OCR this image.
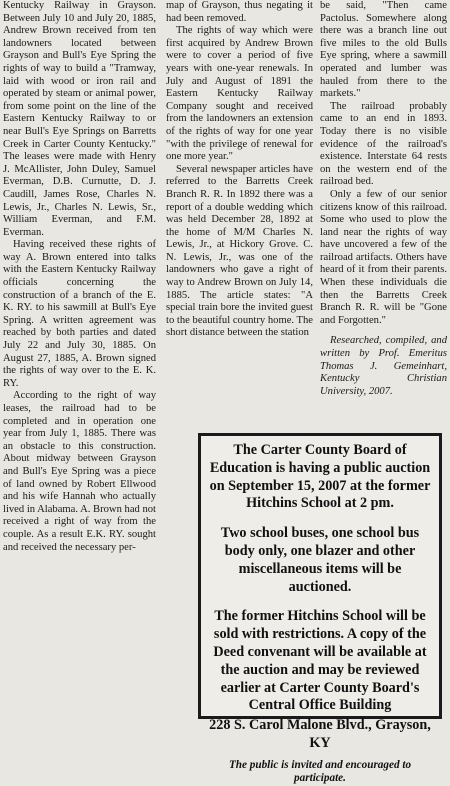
Kentucky Railway in Grayson. Between July 10 and July 20, 1885, Andrew Brown received from ten landowners located between Grayson and Bull's Eye Spring the rights of way to build a "Tramway, laid with wood or iron rail and operated by steam or animal power, from some point on the line of the Eastern Kentucky Railway to or near Bull's Eye Springs on Barretts Creek in Carter County Kentucky." The leases were made with Henry J. McAllister, John Duley, Samuel Everman, D.B. Curnutte, D. J. Caudill, James Rose, Charles N. Lewis, Jr., Charles N. Lewis, Sr., William Everman, and F.M. Everman.

Having received these rights of way A. Brown entered into talks with the Eastern Kentucky Railway officials concerning the construction of a branch of the E. K. RY. to his sawmill at Bull's Eye Spring. A written agreement was reached by both parties and dated July 22 and July 30, 1885. On August 27, 1885, A. Brown signed the rights of way over to the E. K. RY.

According to the right of way leases, the railroad had to be completed and in operation one year from July 1, 1885. There was an obstacle to this construction. About midway between Grayson and Bull's Eye Spring was a piece of land owned by Robert Ellwood and his wife Hannah who actually lived in Alabama. A. Brown had not received a right of way from the couple. As a result E.K. RY. sought and received the necessary per-

map of Grayson, thus negating it had been removed.

The rights of way which were first acquired by Andrew Brown were to cover a period of five years with one-year renewals. In July and August of 1891 the Eastern Kentucky Railway Company sought and received from the landowners an extension of the rights of way for one year "with the privilege of renewal for one more year."

Several newspaper articles have referred to the Barretts Creek Branch R. R. In 1892 there was a report of a double wedding which was held December 28, 1892 at the home of M/M Charles N. Lewis, Jr., at Hickory Grove. C. N. Lewis, Jr., was one of the landowners who gave a right of way to Andrew Brown on July 14, 1885. The article states: "A special train bore the invited guest to the beautiful country home. The short distance between the station

be said, "Then came Pactolus. Somewhere along there was a branch line out five miles to the old Bulls Eye spring, where a sawmill operated and lumber was hauled from there to the markets."

The railroad probably came to an end in 1893. Today there is no visible evidence of the railroad's existence. Interstate 64 rests on the western end of the railroad bed.

Only a few of our senior citizens know of this railroad. Some who used to plow the land near the rights of way have uncovered a few of the railroad artifacts. Others have heard of it from their parents. When these individuals die then the Barretts Creek Branch R. R. will be "Gone and Forgotten."

Researched, compiled, and written by Prof. Emeritus Thomas J. Gemeinhart, Kentucky Christian University, 2007.

The Carter County Board of Education is having a public auction on September 15, 2007 at the former Hitchins School at 2 pm.

Two school buses, one school bus body only, one blazer and other miscellaneous items will be auctioned.

The former Hitchins School will be sold with restrictions. A copy of the Deed convenant will be available at the auction and may be reviewed earlier at Carter County Board's Central Office Building

228 S. Carol Malone Blvd., Grayson, KY

The public is invited and encouraged to participate.
